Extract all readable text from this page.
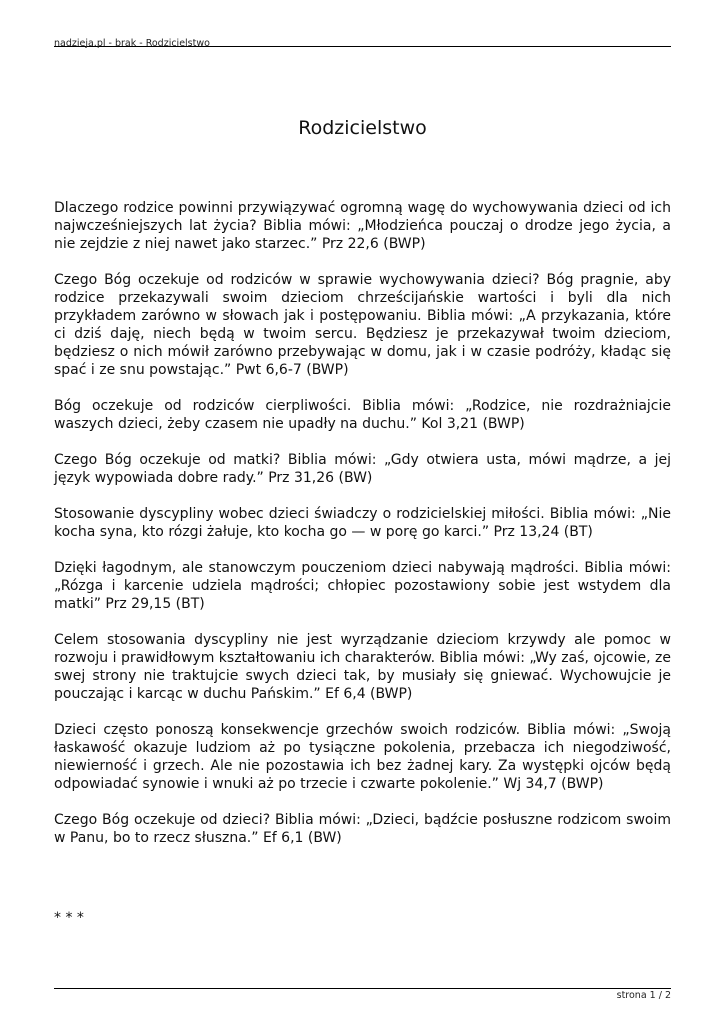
nadzieja.pl - brak - Rodzicielstwo
Rodzicielstwo

Dlaczego rodzice powinni przywiązywać ogromną wagę do wychowywania dzieci od ich najwcześniejszych lat życia? Biblia mówi: „Młodzieńca pouczaj o drodze jego życia, a nie zejdzie z niej nawet jako starzec.” Prz 22,6 (BWP)

Czego Bóg oczekuje od rodziców w sprawie wychowywania dzieci? Bóg pragnie, aby rodzice przekazywali swoim dzieciom chrześcijańskie wartości i byli dla nich przykładem zarówno w słowach jak i postępowaniu. Biblia mówi: „A przykazania, które ci dziś daję, niech będą w twoim sercu. Będziesz je przekazywał twoim dzieciom, będziesz o nich mówił zarówno przebywając w domu, jak i w czasie podróży, kładąc się spać i ze snu powstając.” Pwt 6,6-7 (BWP)

Bóg oczekuje od rodziców cierpliwości. Biblia mówi: „Rodzice, nie rozdrażniajcie waszych dzieci, żeby czasem nie upadły na duchu.” Kol 3,21 (BWP)

Czego Bóg oczekuje od matki? Biblia mówi: „Gdy otwiera usta, mówi mądrze, a jej język wypowiada dobre rady.” Prz 31,26 (BW)

Stosowanie dyscypliny wobec dzieci świadczy o rodzicielskiej miłości. Biblia mówi: „Nie kocha syna, kto rózgi żałuje, kto kocha go — w porę go karci.” Prz 13,24 (BT)

Dzięki łagodnym, ale stanowczym pouczeniom dzieci nabywają mądrości. Biblia mówi: „Rózga i karcenie udziela mądrości; chłopiec pozostawiony sobie jest wstydem dla matki” Prz 29,15 (BT)

Celem stosowania dyscypliny nie jest wyrządzanie dzieciom krzywdy ale pomoc w rozwoju i prawidłowym kształtowaniu ich charakterów. Biblia mówi: „Wy zaś, ojcowie, ze swej strony nie traktujcie swych dzieci tak, by musiały się gniewać. Wychowujcie je pouczając i karcąc w duchu Pańskim.” Ef 6,4 (BWP)

Dzieci często ponoszą konsekwencje grzechów swoich rodziców. Biblia mówi: „Swoją łaskawość okazuje ludziom aż po tysiączne pokolenia, przebacza ich niegodziwość, niewierność i grzech. Ale nie pozostawia ich bez żadnej kary. Za występki ojców będą odpowiadać synowie i wnuki aż po trzecie i czwarte pokolenie.” Wj 34,7 (BWP)

Czego Bóg oczekuje od dzieci? Biblia mówi: „Dzieci, bądźcie posłuszne rodzicom swoim w Panu, bo to rzecz słuszna.” Ef 6,1 (BW)

* * *
strona 1 / 2
